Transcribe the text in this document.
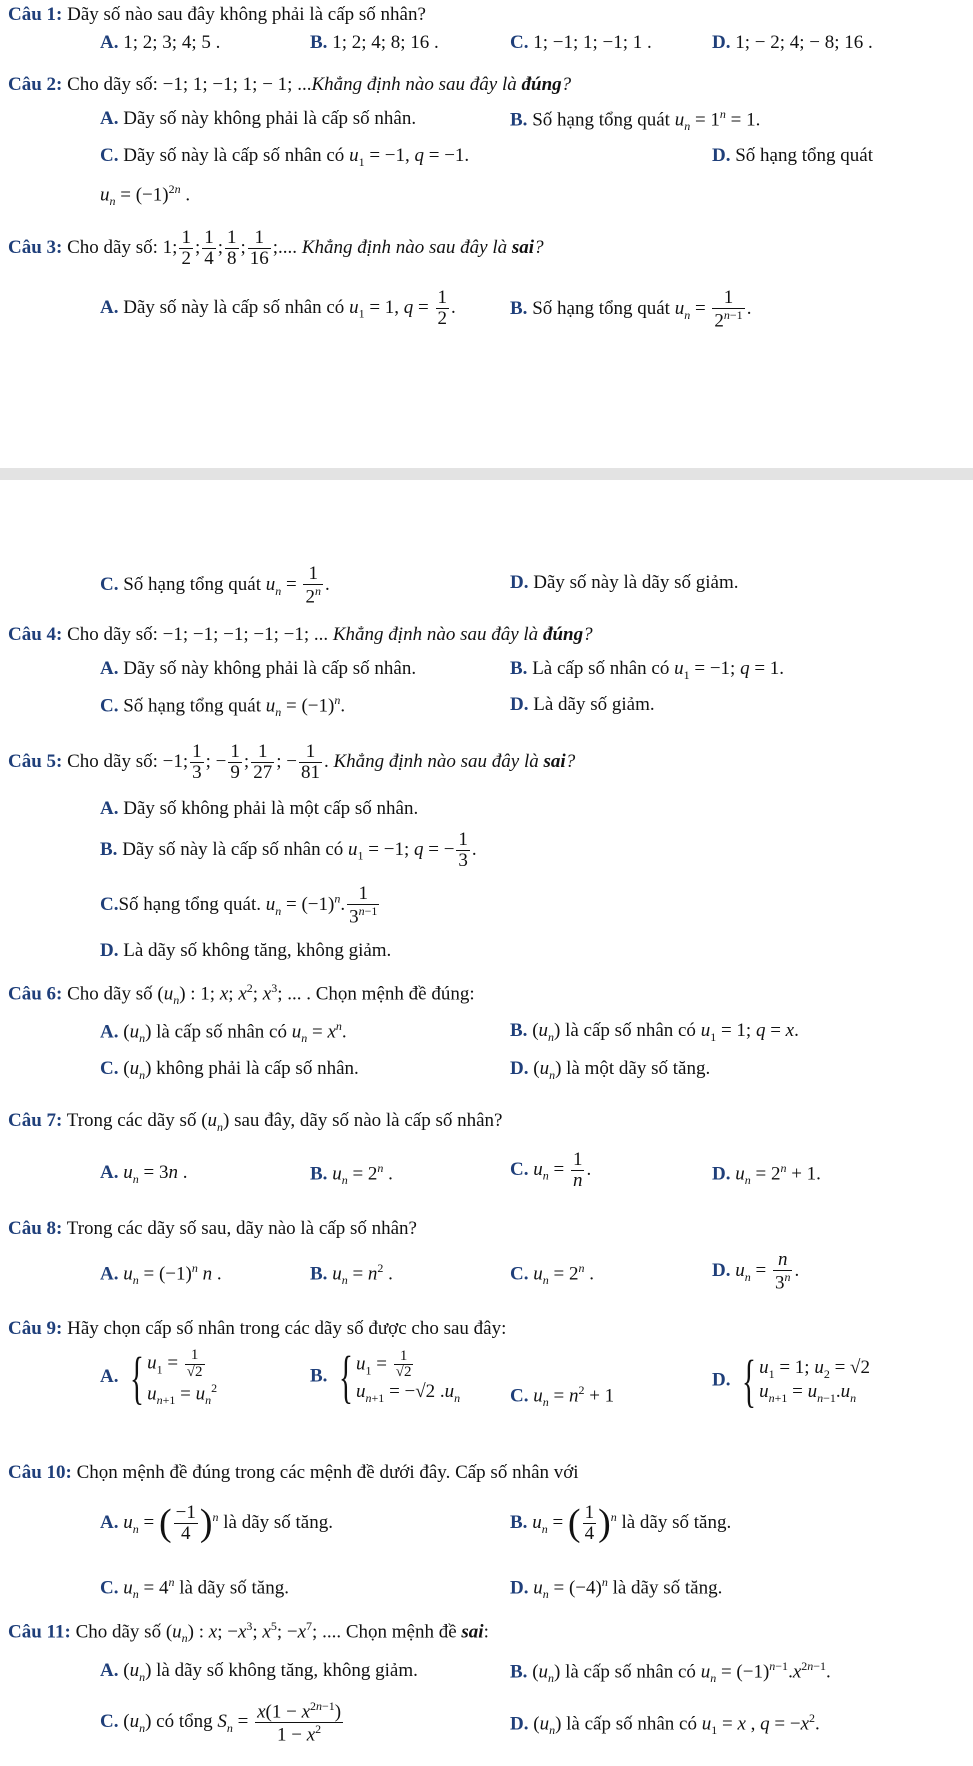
Câu 1: Dãy số nào sau đây không phải là cấp số nhân?
A. 1; 2; 3; 4; 5 .	B. 1; 2; 4; 8; 16 .	C. 1; −1; 1; −1; 1 .	D. 1; − 2; 4; − 8; 16 .
Câu 2: Cho dãy số: −1; 1; −1; 1; − 1; ...Khẳng định nào sau đây là đúng?
A. Dãy số này không phải là cấp số nhân.	B. Số hạng tổng quát $u_n = 1^n = 1$.
C. Dãy số này là cấp số nhân có $u_1 = -1$, q = −1.	D. Số hạng tổng quát
$u_n = (-1)^{2n}$ .
Câu 3: Cho dãy số: 1; $\frac{1}{2}$ ; $\frac{1}{4}$ ; $\frac{1}{8}$ ; $\frac{1}{16}$ ;.... Khẳng định nào sau đây là sai?
A. Dãy số này là cấp số nhân có $u_1 = 1$, $q = \frac{1}{2}$ .	B. Số hạng tổng quát $u_n = \frac{1}{2^{n-1}}$ .
C. Số hạng tổng quát $u_n = \frac{1}{2^n}$ .	D. Dãy số này là dãy số giảm.
Câu 4: Cho dãy số: −1; −1; −1; −1; −1; ... Khẳng định nào sau đây là đúng?
A. Dãy số này không phải là cấp số nhân.	B. Là cấp số nhân có $u_1 = -1$; q = 1.
C. Số hạng tổng quát $u_n = (-1)^n$.	D. Là dãy số giảm.
Câu 5: Cho dãy số: −1; $\frac{1}{3}$ ; − $\frac{1}{9}$ ; $\frac{1}{27}$ ; − $\frac{1}{81}$ . Khẳng định nào sau đây là sai?
A. Dãy số không phải là một cấp số nhân.
B. Dãy số này là cấp số nhân có $u_1 = -1$; q = − $\frac{1}{3}$ .
C.Số hạng tổng quát. $u_n = (-1)^n$. $\frac{1}{3^{n-1}}$
D. Là dãy số không tăng, không giảm.
Câu 6: Cho dãy số $(u_n)$ : 1; x; $x^2$; $x^3$; ... . Chọn mệnh đề đúng:
A. $(u_n)$ là cấp số nhân có $u_n = x^n$.	B. $(u_n)$ là cấp số nhân có $u_1 = 1$; q = x.
C. $(u_n)$ không phải là cấp số nhân.	D. $(u_n)$ là một dãy số tăng.
Câu 7: Trong các dãy số $(u_n)$ sau đây, dãy số nào là cấp số nhân?
A. $u_n = 3n$ .	B. $u_n = 2^n$ .	C. $u_n = \frac{1}{n}$ .	D. $u_n = 2^n + 1$.
Câu 8: Trong các dãy số sau, dãy nào là cấp số nhân?
A. $u_n = (-1)^n$ n .	B. $u_n = n^2$ .	C. $u_n = 2^n$ .	D. $u_n = \frac{n}{3^n}$ .
Câu 9: Hãy chọn cấp số nhân trong các dãy số được cho sau đây:
A. { $u_1 = \frac{1}{√2}$
$u_{n+1} = u_n^2$
B. { $u_1 = \frac{1}{√2}$
$u_{n+1} = -√2$ $.u_n$	C. $u_n = n^2 + 1$
D. { $u_1 = 1$; $u_2 = √2$
$u_{n+1} = u_{n-1}.u_n$
Câu 10: Chọn mệnh đề đúng trong các mệnh đề dưới đây. Cấp số nhân với
A. $u_n$ = ( $\frac{-1}{4} )^n$ là dãy số tăng.	B. $u_n$ = ( $\frac{1}{4} )^n$ là dãy số tăng.
C. $u_n = 4^n$ là dãy số tăng.	D. $u_n = (-4)^n$ là dãy số tăng.
Câu 11: Cho dãy số $(u_n)$ : x; $-x^3$; $x^5$; $-x^7$; .... Chọn mệnh đề sai:
A. $(u_n)$ là dãy số không tăng, không giảm.	B. $(u_n)$ là cấp số nhân có $u_n = (-1)^{n-1}.x^{2n-1}$.
C. $(u_n)$ có tổng $S_n = \frac{x(1 - x^{2n-1})}{1 - x^2}$	D. $(u_n)$ là cấp số nhân có $u_1 = x$ , $q = -x^2$.
